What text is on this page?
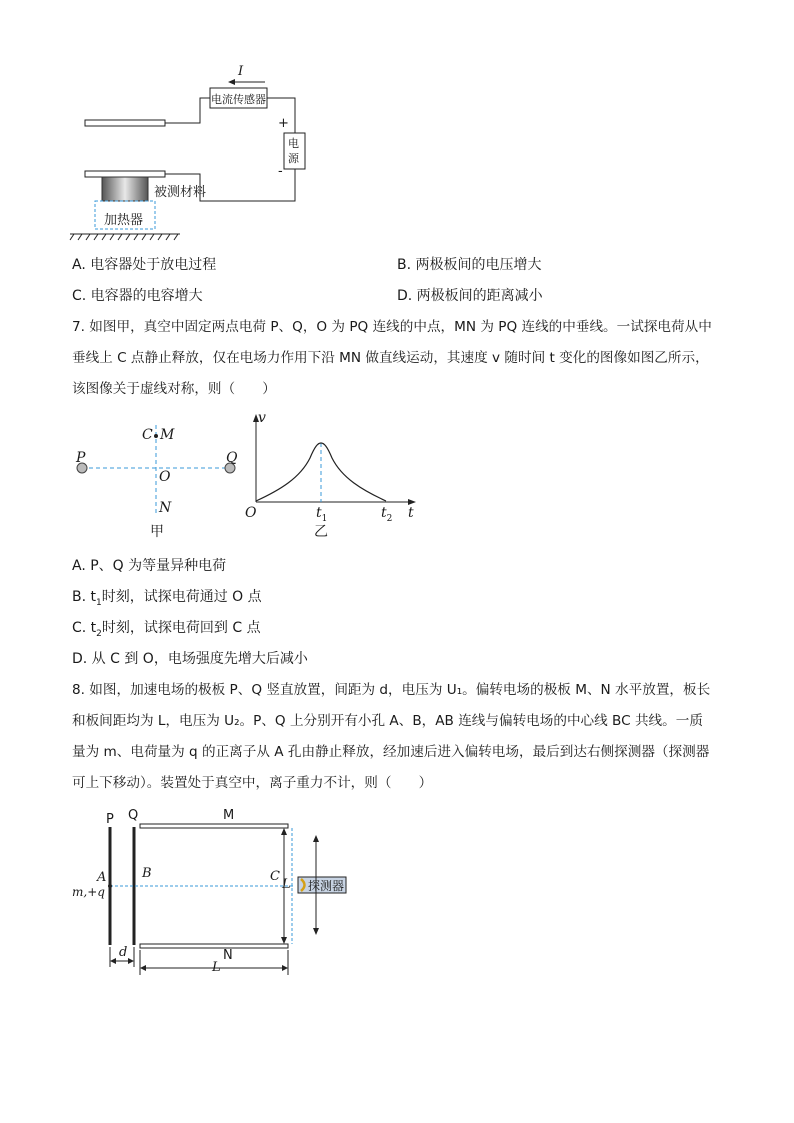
I
电流传感器
+
电
源
-
被测材料
加热器
A. 电容器处于放电过程	B. 两极板间的电压增大
C. 电容器的电容增大	D. 两极板间的距离减小
7. 如图甲，真空中固定两点电荷 P、Q，O 为 PQ 连线的中点，MN 为 PQ 连线的中垂线。一试探电荷从中
垂线上 C 点静止释放，仅在电场力作用下沿 MN 做直线运动，其速度 v 随时间 t 变化的图像如图乙所示，
该图像关于虚线对称，则（　　）
C M
P	Q
O
N
甲
v
t
O	$t_1$	$t_2$
乙
A. P、Q 为等量异种电荷
B. $t_1$时刻，试探电荷通过 O 点
C. $t_2$时刻，试探电荷回到 C 点
D. 从 C 到 O，电场强度先增大后减小
8. 如图，加速电场的极板 P、Q 竖直放置，间距为 d，电压为 U₁。偏转电场的极板 M、N 水平放置，板长
和板间距均为 L，电压为 U₂。P、Q 上分别开有小孔 A、B，AB 连线与偏转电场的中心线 BC 共线。一质
量为 m、电荷量为 q 的正离子从 A 孔由静止释放，经加速后进入偏转电场，最后到达右侧探测器（探测器
可上下移动）。装置处于真空中，离子重力不计，则（　　）
P Q	M
A
m,+q
B	C
L 探测器
d	N
L
